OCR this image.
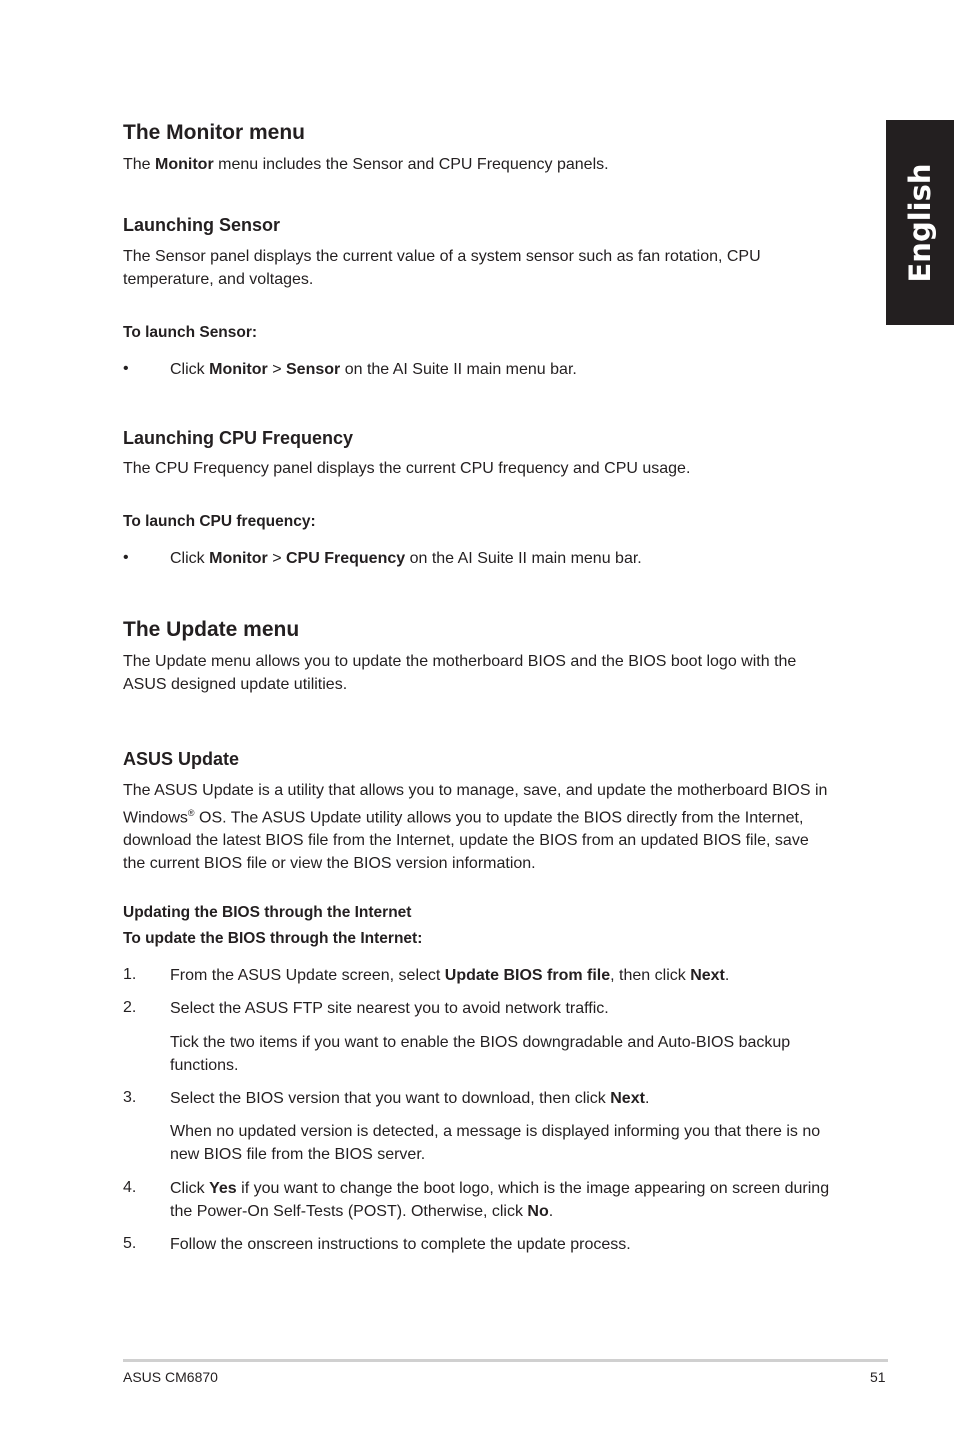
English
The Monitor menu

The Monitor menu includes the Sensor and CPU Frequency panels.

Launching Sensor

The Sensor panel displays the current value of a system sensor such as fan rotation, CPU temperature, and voltages.

To launch Sensor:
•	Click Monitor > Sensor on the AI Suite II main menu bar.

Launching CPU Frequency

The CPU Frequency panel displays the current CPU frequency and CPU usage.

To launch CPU frequency:
•	Click Monitor > CPU Frequency on the AI Suite II main menu bar.

The Update menu

The Update menu allows you to update the motherboard BIOS and the BIOS boot logo with the ASUS designed update utilities.

ASUS Update

The ASUS Update is a utility that allows you to manage, save, and update the motherboard BIOS in Windows® OS. The ASUS Update utility allows you to update the BIOS directly from the Internet, download the latest BIOS file from the Internet, update the BIOS from an updated BIOS file, save the current BIOS file or view the BIOS version information.

Updating the BIOS through the Internet
To update the BIOS through the Internet:
1. From the ASUS Update screen, select Update BIOS from file, then click Next.

2. Select the ASUS FTP site nearest you to avoid network traffic.

Tick the two items if you want to enable the BIOS downgradable and Auto-BIOS backup functions.

3. Select the BIOS version that you want to download, then click Next.

When no updated version is detected, a message is displayed informing you that there is no new BIOS file from the BIOS server.

4. Click Yes if you want to change the boot logo, which is the image appearing on screen during the Power-On Self-Tests (POST). Otherwise, click No.

5. Follow the onscreen instructions to complete the update process.

ASUS CM6870	51
